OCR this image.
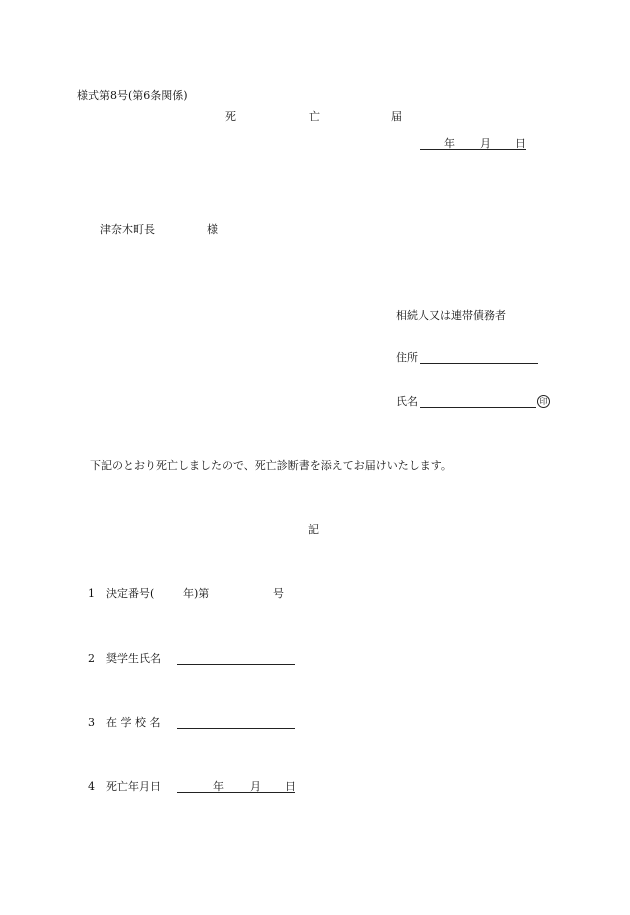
様式第8号(第6条関係)
死	亡	届
年 月 日
津奈木町長	様
相続人又は連帯債務者
住所
氏名	印
下記のとおり死亡しましたので、死亡診断書を添えてお届けいたします。
記
1 決定番号(	年)第	号
2 奨学生氏名
3 在 学 校 名
4 死亡年月日	年 月 日
